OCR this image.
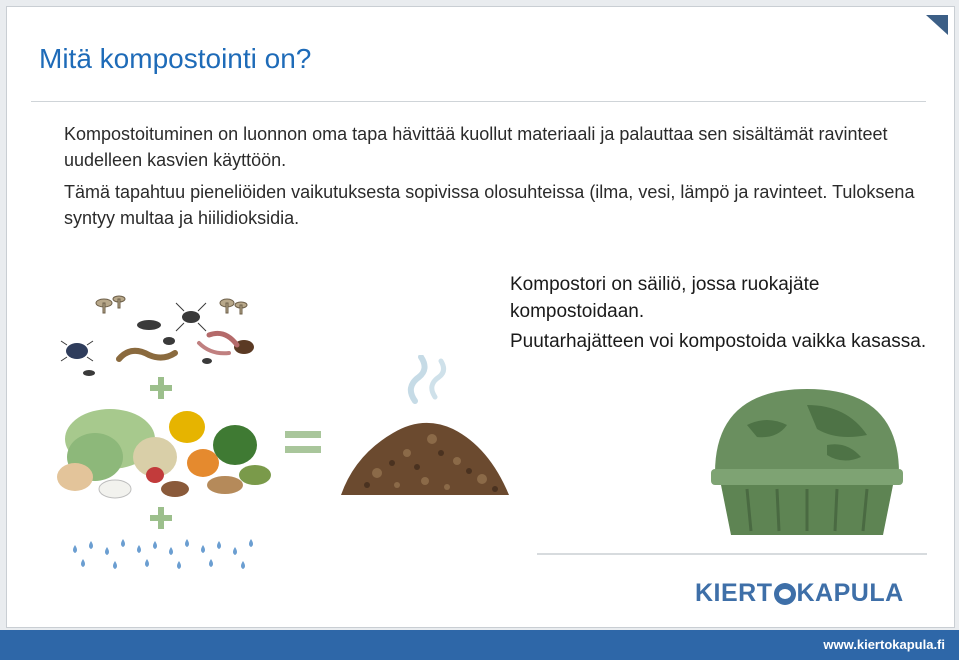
Mitä kompostointi on?

Kompostoituminen on luonnon oma tapa hävittää kuollut materiaali ja palauttaa sen sisältämät ravinteet uudelleen kasvien käyttöön.

Tämä tapahtuu pieneliöiden vaikutuksesta sopivissa olosuhteissa (ilma, vesi, lämpö ja ravinteet. Tuloksena syntyy multaa ja hiilidioksidia.

Kompostori on säiliö, jossa ruokajäte kompostoidaan.

Puutarhajätteen voi kompostoida vaikka kasassa.

KIERT KAPULA
www.kiertokapula.fi
